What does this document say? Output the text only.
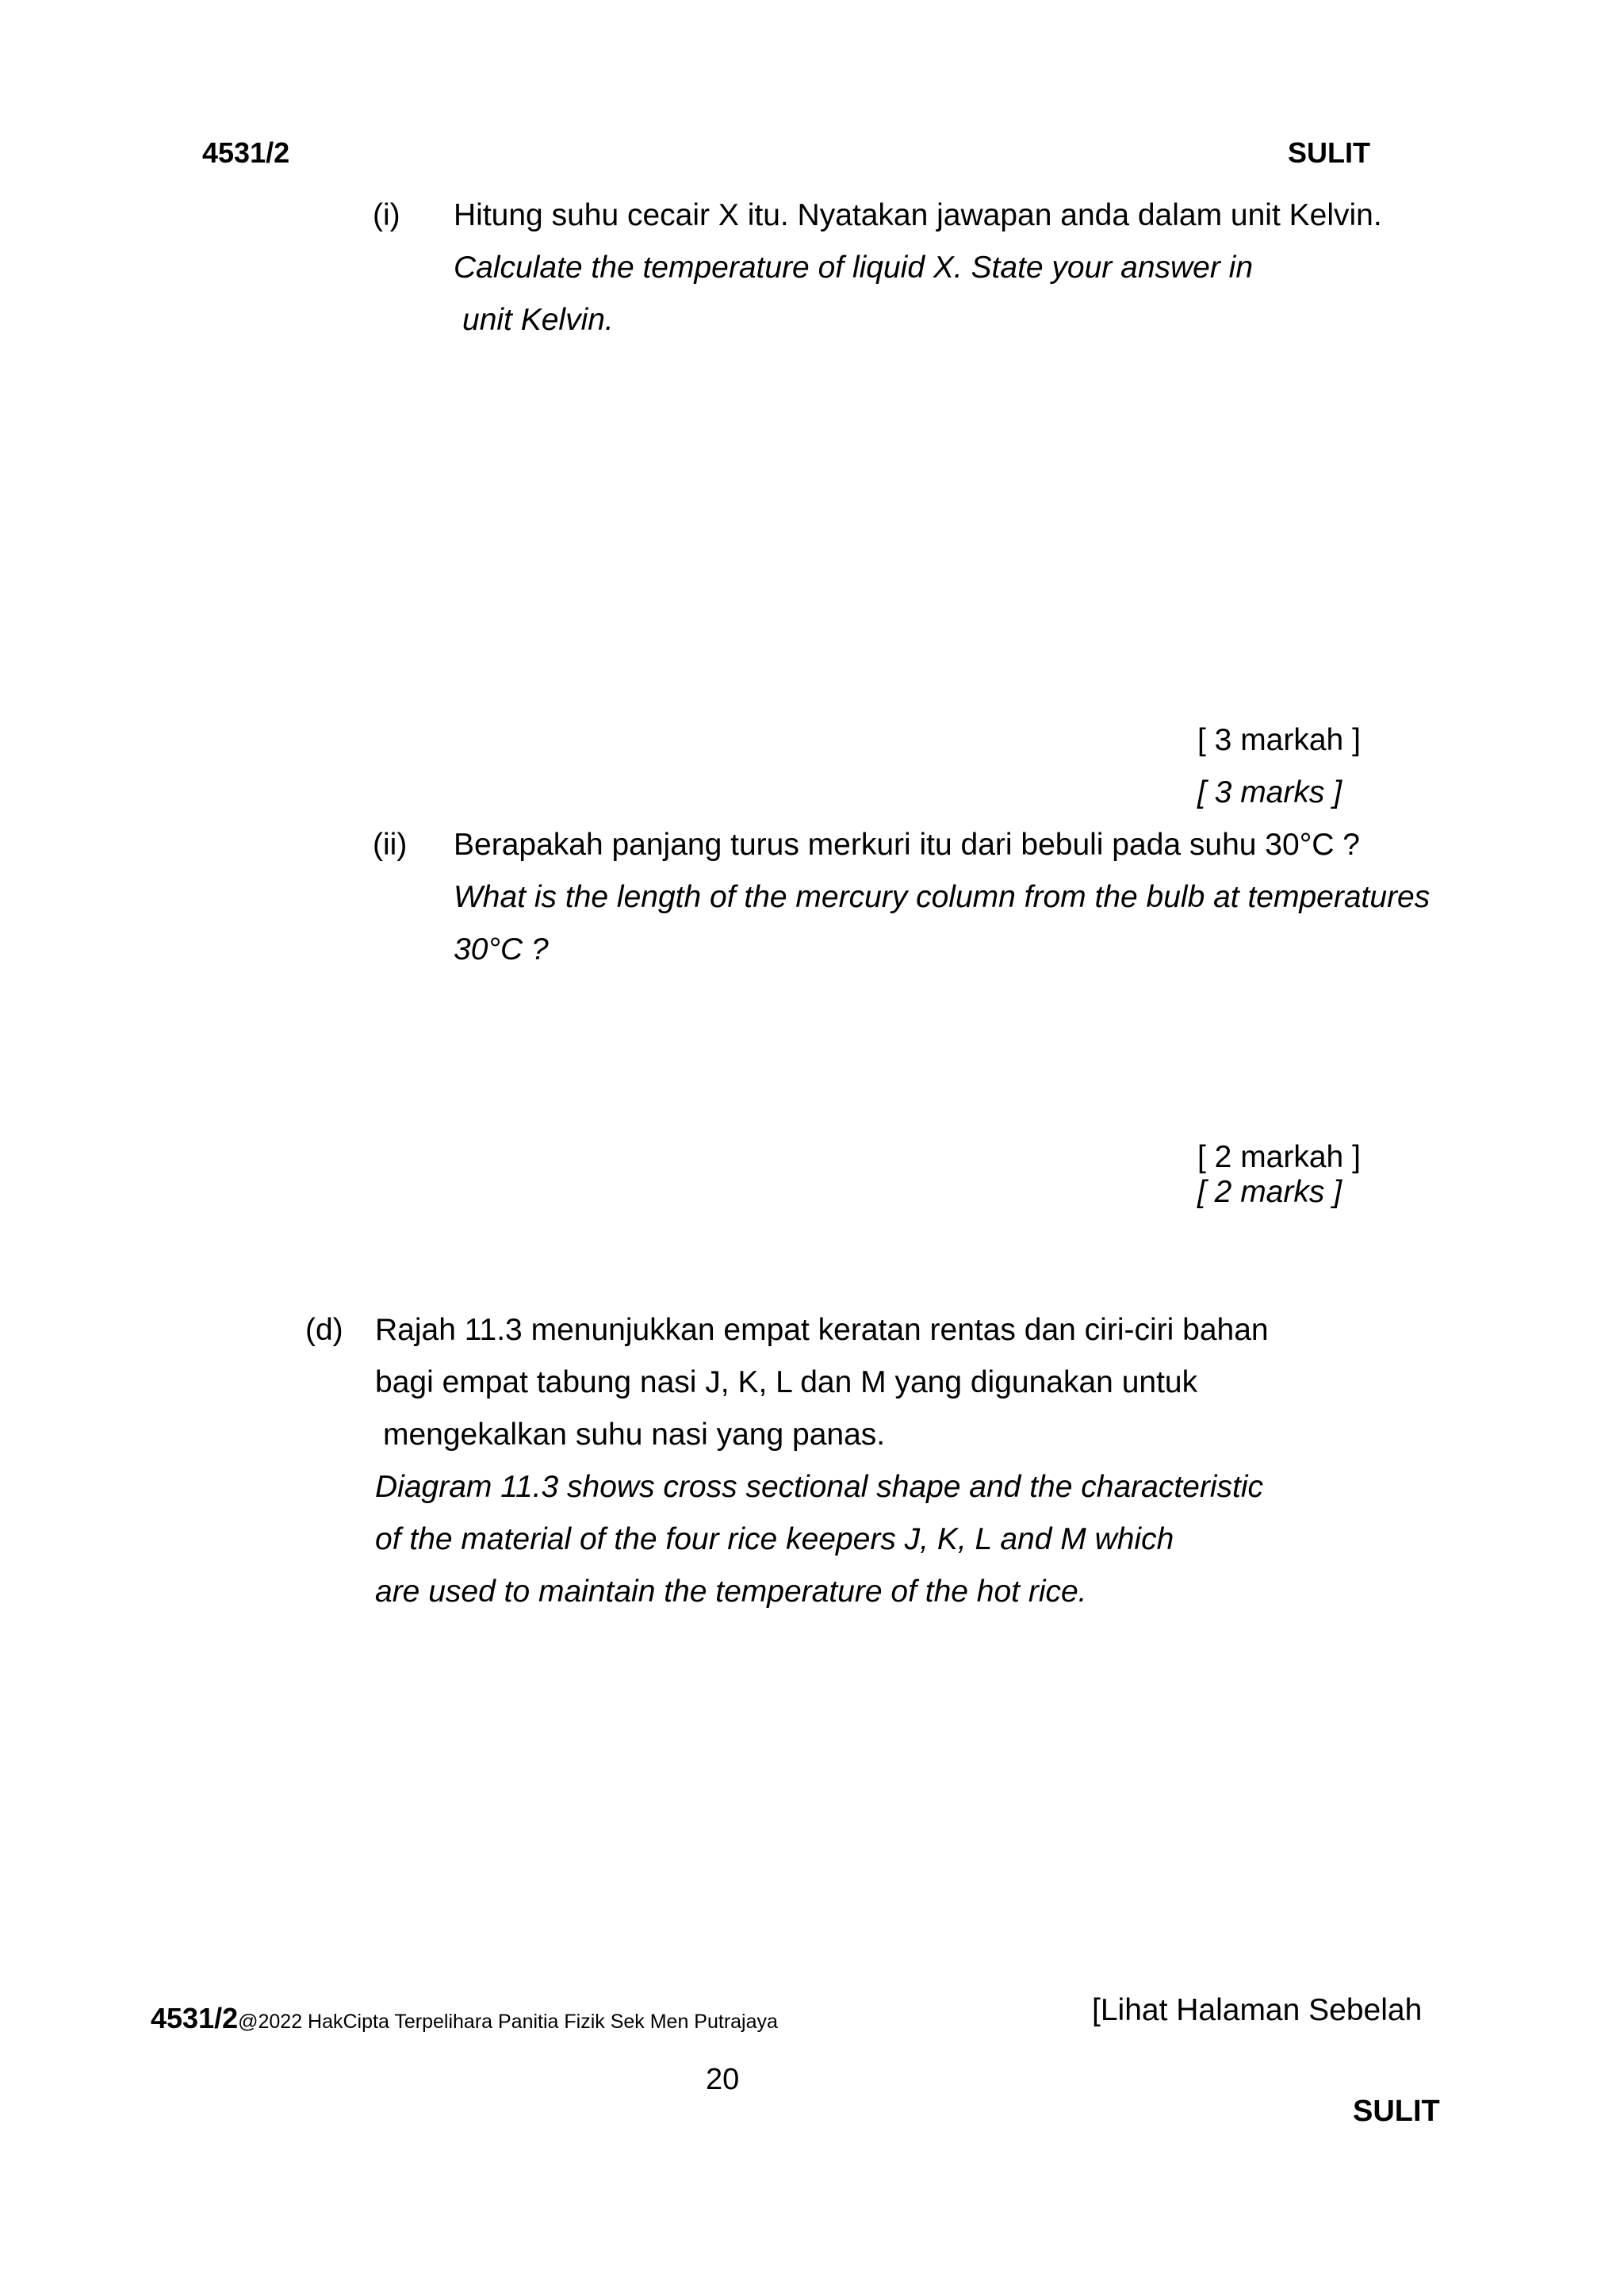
4531/2	SULIT
(i) Hitung suhu cecair X itu. Nyatakan jawapan anda dalam unit Kelvin.
Calculate the temperature of liquid X. State your answer in
unit Kelvin.
[ 3 markah ]
[ 3 marks ]
(ii) Berapakah panjang turus merkuri itu dari bebuli pada suhu 30°C ?
What is the length of the mercury column from the bulb at temperatures
30°C ?
[ 2 markah ]
[ 2 marks ]
(d) Rajah 11.3 menunjukkan empat keratan rentas dan ciri-ciri bahan
bagi empat tabung nasi J, K, L dan M yang digunakan untuk
mengekalkan suhu nasi yang panas.
Diagram 11.3 shows cross sectional shape and the characteristic
of the material of the four rice keepers J, K, L and M which
are used to maintain the temperature of the hot rice.
4531/2@2022 HakCipta Terpelihara Panitia Fizik Sek Men Putrajaya	[Lihat Halaman Sebelah
20
SULIT
